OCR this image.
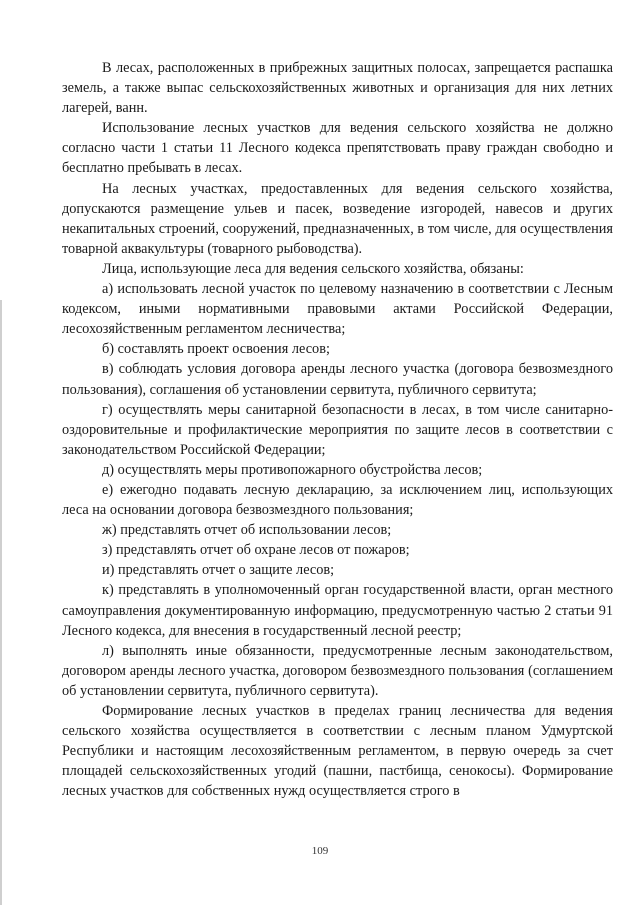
В лесах, расположенных в прибрежных защитных полосах, запрещается распашка земель, а также выпас сельскохозяйственных животных и организация для них летних лагерей, ванн.

Использование лесных участков для ведения сельского хозяйства не должно согласно части 1 статьи 11 Лесного кодекса препятствовать праву граждан свободно и бесплатно пребывать в лесах.

На лесных участках, предоставленных для ведения сельского хозяйства, допускаются размещение ульев и пасек, возведение изгородей, навесов и других некапитальных строений, сооружений, предназначенных, в том числе, для осуществления товарной аквакультуры (товарного рыбоводства).

Лица, использующие леса для ведения сельского хозяйства, обязаны:

а) использовать лесной участок по целевому назначению в соответствии с Лесным кодексом, иными нормативными правовыми актами Российской Федерации, лесохозяйственным регламентом лесничества;

б) составлять проект освоения лесов;

в) соблюдать условия договора аренды лесного участка (договора безвозмездного пользования), соглашения об установлении сервитута, публичного сервитута;

г) осуществлять меры санитарной безопасности в лесах, в том числе санитарно-оздоровительные и профилактические мероприятия по защите лесов в соответствии с законодательством Российской Федерации;

д) осуществлять меры противопожарного обустройства лесов;

е) ежегодно подавать лесную декларацию, за исключением лиц, использующих леса на основании договора безвозмездного пользования;

ж) представлять отчет об использовании лесов;

з) представлять отчет об охране лесов от пожаров;

и) представлять отчет о защите лесов;

к) представлять в уполномоченный орган государственной власти, орган местного самоуправления документированную информацию, предусмотренную частью 2 статьи 91 Лесного кодекса, для внесения в государственный лесной реестр;

л) выполнять иные обязанности, предусмотренные лесным законодательством, договором аренды лесного участка, договором безвозмездного пользования (соглашением об установлении сервитута, публичного сервитута).

Формирование лесных участков в пределах границ лесничества для ведения сельского хозяйства осуществляется в соответствии с лесным планом Удмуртской Республики и настоящим лесохозяйственным регламентом, в первую очередь за счет площадей сельскохозяйственных угодий (пашни, пастбища, сенокосы). Формирование лесных участков для собственных нужд осуществляется строго в

109
